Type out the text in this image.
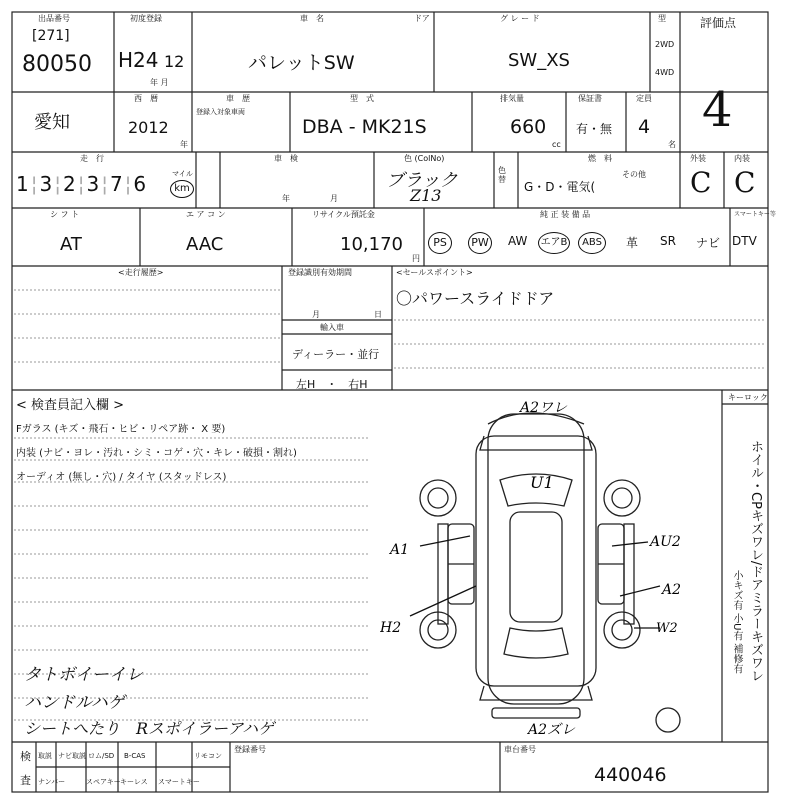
出品番号
[271]
80050
初度登録
H24 12
年 月
車　名	ドア
パレットSW
グ レ ー ド
SW_XS
型
2WD
4WD
評価点
愛知
西　暦
2012
年
車　歴
登録入対象車両
型　式
DBA - MK21S
排気量
660
cc
保証書
有・無
定員
4
名
4
走　行
1¦3¦2¦3¦7¦6	マイル
km
車　検
年　　　　　月
色 (ColNo)
ブラック
Z13
色替
燃　料
G・D・電気(
その他
外装	内装
C C
シ フ ト
AT
エ ア コ ン
AAC
リサイクル預託金
10,170
円
純 正 装 備 品	スマートキー等
PS	PW AW エアB	ABS	革 SR ナビ DTV
<走行履歴>	登録識別有効期間
月	日
輸入車
ディーラー・並行
左H　・　右H
<セールスポイント>
〇パワースライドドア
< 検査員記入欄 >
Fガラス (キズ・飛石・ヒビ・リペア跡・ X 要)
内装 (ナビ・ヨレ・汚れ・シミ・コゲ・穴・キレ・破損・割れ)
オーディオ (無し・穴) / タイヤ (スタッドレス)
タトボイーイレ
ハンドルハゲ
シートへたり　Rスポイラーアハゲ
A2ワレ
U1
A1	AU2
A2
H2	W2
A2ズレ
キーロック
ホイル・CPキズワレ/ドアミラーキズワレ
小キズ有 小U有 補修有
検
査
取説 ナビ取説 ロム/SD B-CAS	リモコン
ナンバー	スペアキー キーレス スマートキー
登録番号	車台番号
440046
